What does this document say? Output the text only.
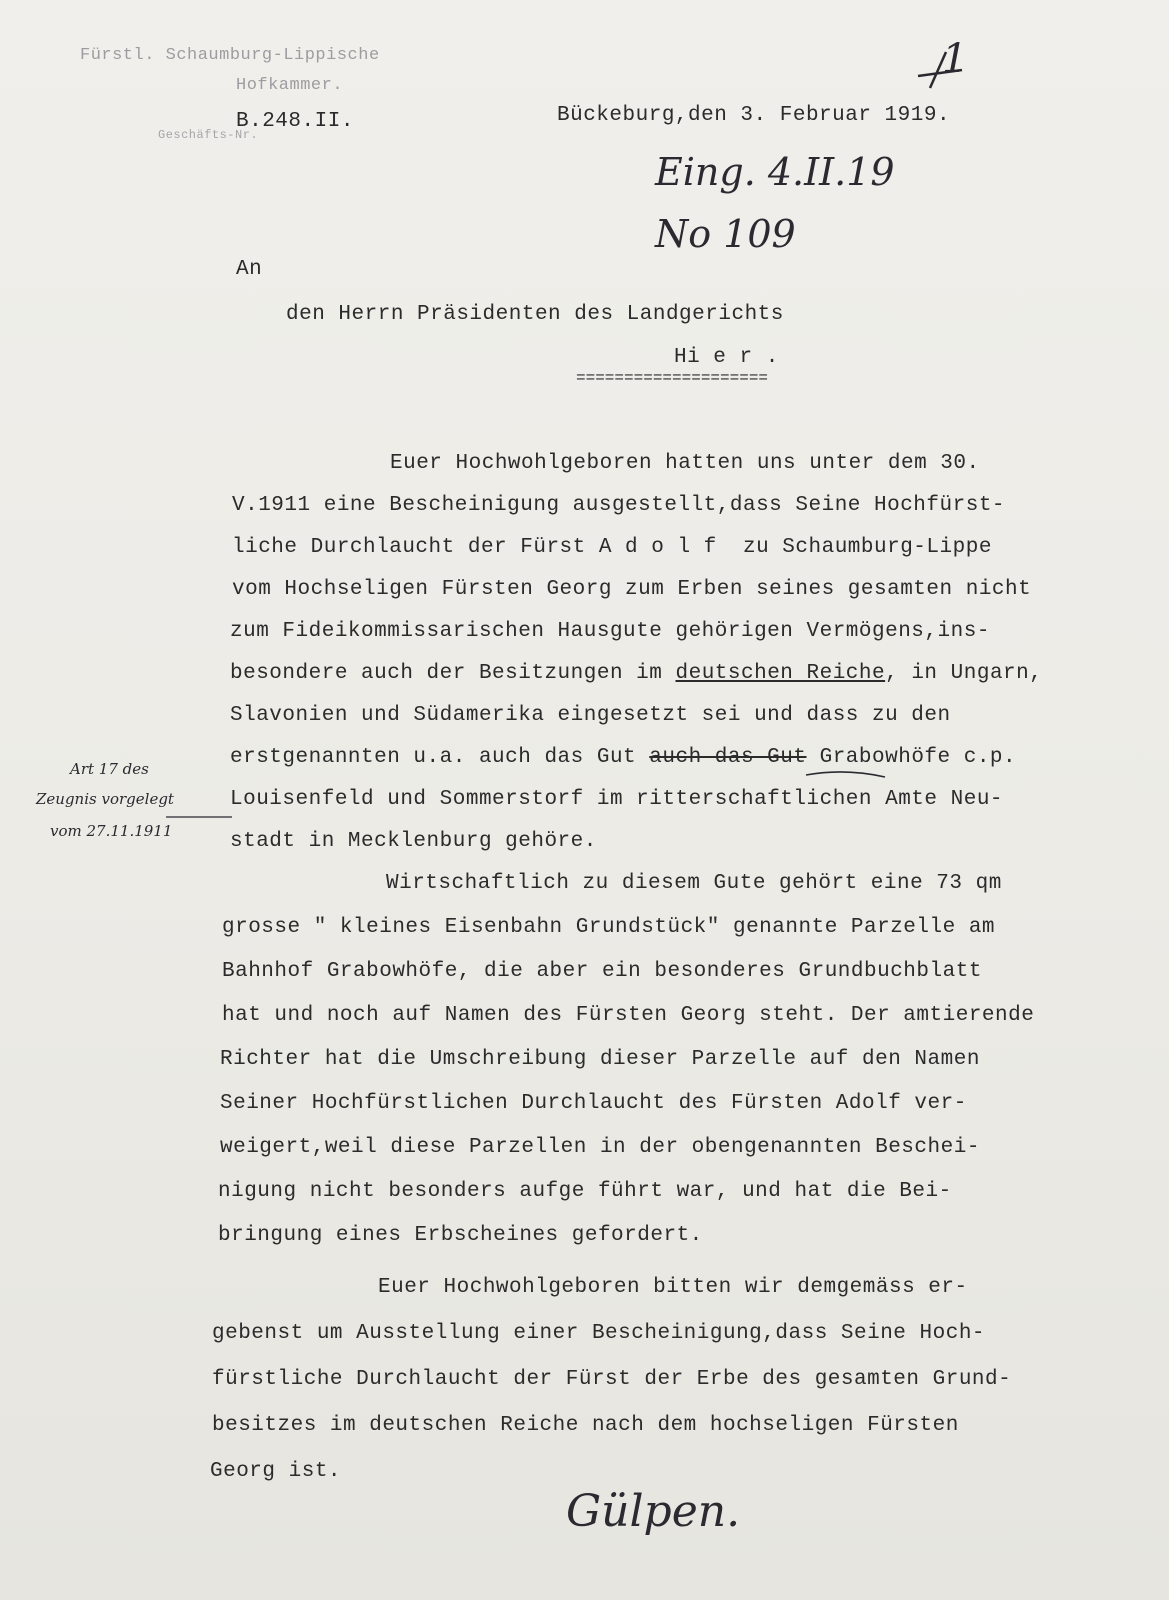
Fürstl. Schaumburg-Lippische
Hofkammer.
Geschäfts-Nr.
B.248.II.	Bückeburg,den 3. Februar 1919.
1
Eing. 4.II.19
No 109
An
den Herrn Präsidenten des Landgerichts
Hi e r .
====================
Euer Hochwohlgeboren hatten uns unter dem 30.
V.1911 eine Bescheinigung ausgestellt,dass Seine Hochfürst-
liche Durchlaucht der Fürst A d o l f  zu Schaumburg-Lippe
vom Hochseligen Fürsten Georg zum Erben seines gesamten nicht
zum Fideikommissarischen Hausgute gehörigen Vermögens,ins-
besondere auch der Besitzungen im deutschen Reiche, in Ungarn,
Slavonien und Südamerika eingesetzt sei und dass zu den
erstgenannten u.a. auch das Gut auch das Gut Grabowhöfe c.p.
Louisenfeld und Sommerstorf im ritterschaftlichen Amte Neu-
stadt in Mecklenburg gehöre.
Art 17 des
Zeugnis vorgelegt
vom 27.11.1911
Wirtschaftlich zu diesem Gute gehört eine 73 qm
grosse " kleines Eisenbahn Grundstück" genannte Parzelle am
Bahnhof Grabowhöfe, die aber ein besonderes Grundbuchblatt
hat und noch auf Namen des Fürsten Georg steht. Der amtierende
Richter hat die Umschreibung dieser Parzelle auf den Namen
Seiner Hochfürstlichen Durchlaucht des Fürsten Adolf ver-
weigert,weil diese Parzellen in der obengenannten Beschei-
nigung nicht besonders aufge führt war, und hat die Bei-
bringung eines Erbscheines gefordert.
Euer Hochwohlgeboren bitten wir demgemäss er-
gebenst um Ausstellung einer Bescheinigung,dass Seine Hoch-
fürstliche Durchlaucht der Fürst der Erbe des gesamten Grund-
besitzes im deutschen Reiche nach dem hochseligen Fürsten
Georg ist.
Gülpen.
